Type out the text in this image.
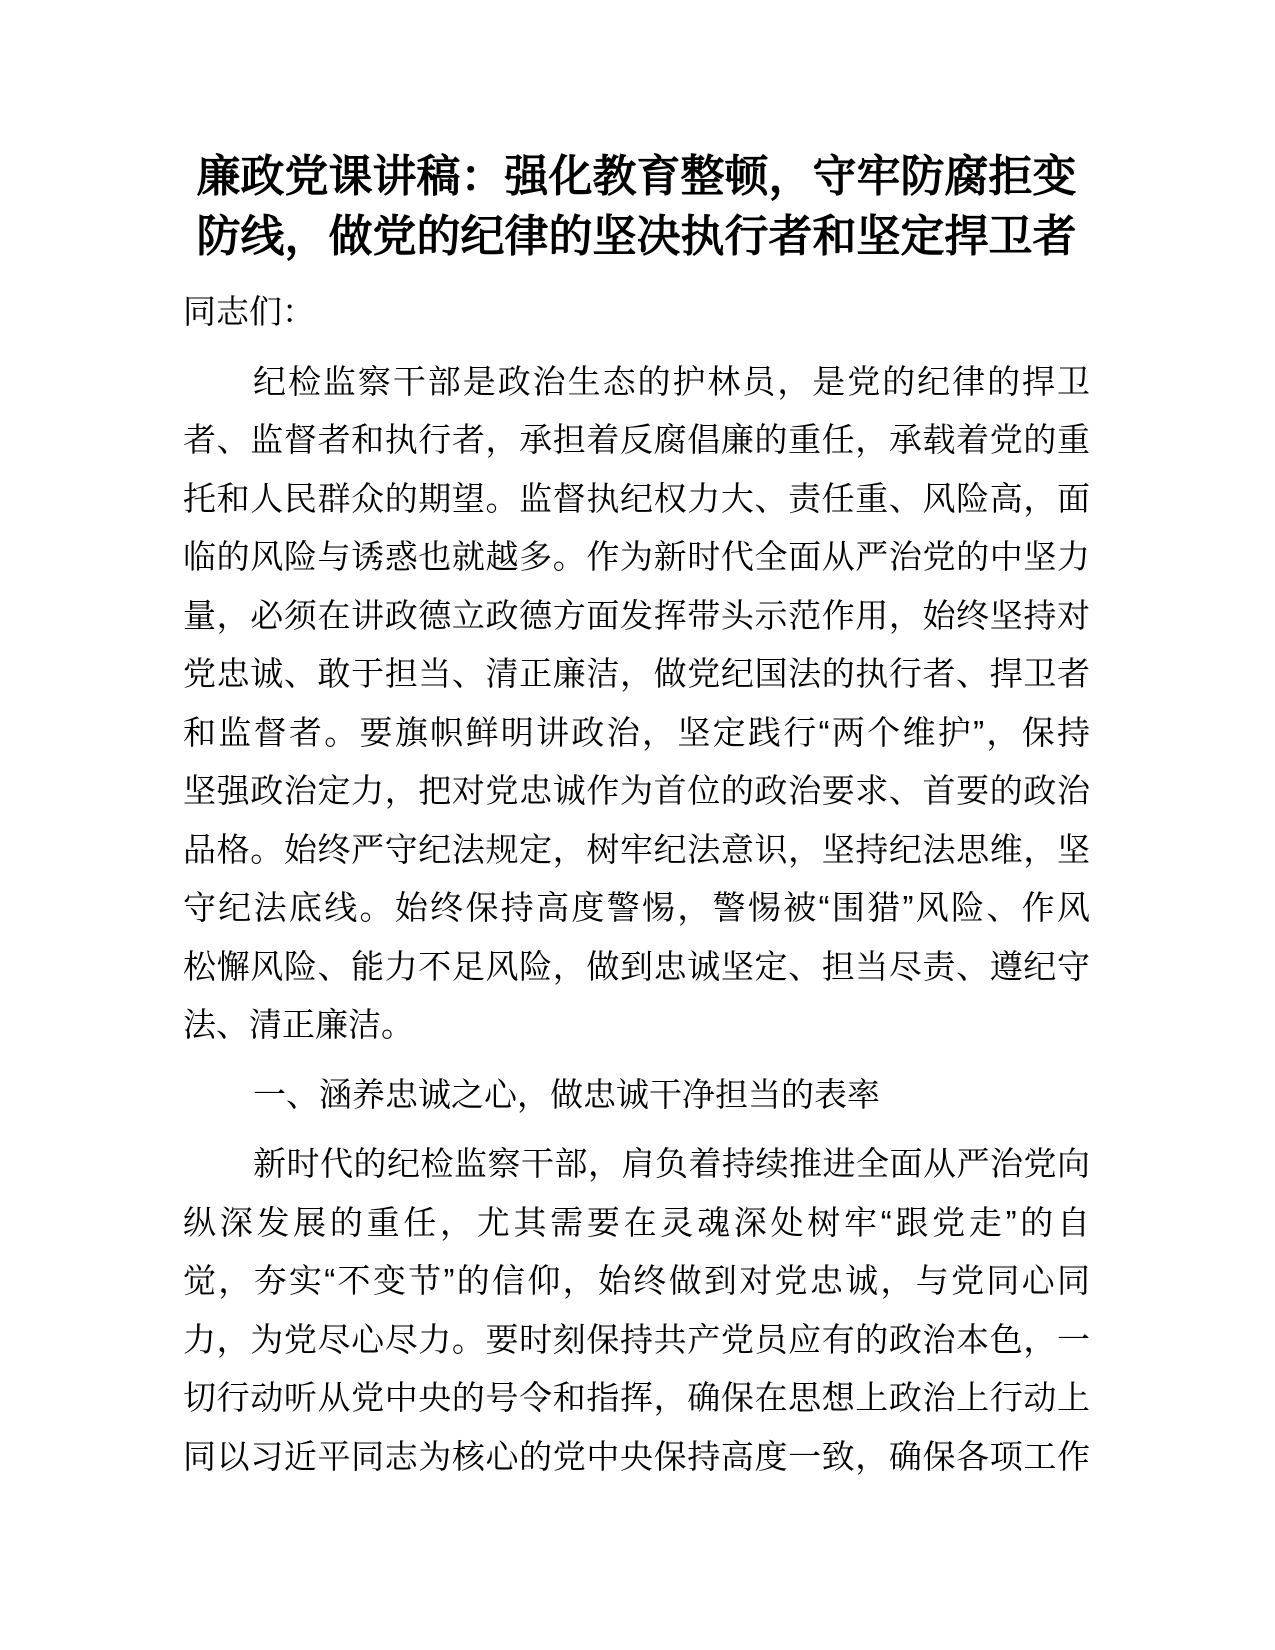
廉政党课讲稿：强化教育整顿，守牢防腐拒变
防线，做党的纪律的坚决执行者和坚定捍卫者
同志们：
纪检监察干部是政治生态的护林员，是党的纪律的捍卫
者、监督者和执行者，承担着反腐倡廉的重任，承载着党的重
托和人民群众的期望。监督执纪权力大、责任重、风险高，面
临的风险与诱惑也就越多。作为新时代全面从严治党的中坚力
量，必须在讲政德立政德方面发挥带头示范作用，始终坚持对
党忠诚、敢于担当、清正廉洁，做党纪国法的执行者、捍卫者
和监督者。要旗帜鲜明讲政治，坚定践行“两个维护”，保持
坚强政治定力，把对党忠诚作为首位的政治要求、首要的政治
品格。始终严守纪法规定，树牢纪法意识，坚持纪法思维，坚
守纪法底线。始终保持高度警惕，警惕被“围猎”风险、作风
松懈风险、能力不足风险，做到忠诚坚定、担当尽责、遵纪守
法、清正廉洁。
一、涵养忠诚之心，做忠诚干净担当的表率
新时代的纪检监察干部，肩负着持续推进全面从严治党向
纵深发展的重任，尤其需要在灵魂深处树牢“跟党走”的自
觉，夯实“不变节”的信仰，始终做到对党忠诚，与党同心同
力，为党尽心尽力。要时刻保持共产党员应有的政治本色，一
切行动听从党中央的号令和指挥，确保在思想上政治上行动上
同以习近平同志为核心的党中央保持高度一致，确保各项工作
